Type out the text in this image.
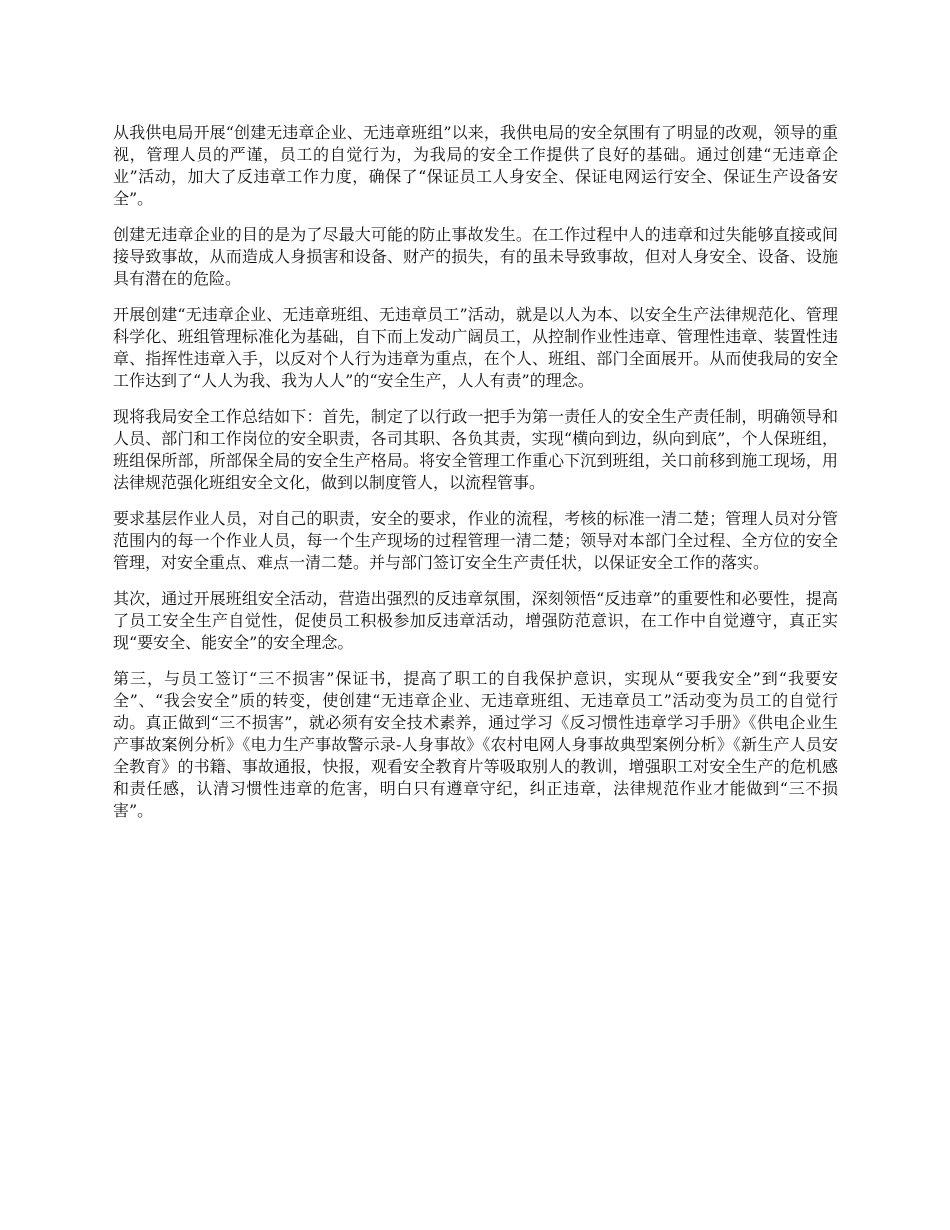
从我供电局开展“创建无违章企业、无违章班组”以来，我供电局的安全氛围有了明显的改观，领导的重视，管理人员的严谨，员工的自觉行为，为我局的安全工作提供了良好的基础。通过创建“无违章企业”活动，加大了反违章工作力度，确保了“保证员工人身安全、保证电网运行安全、保证生产设备安全”。

创建无违章企业的目的是为了尽最大可能的防止事故发生。在工作过程中人的违章和过失能够直接或间接导致事故，从而造成人身损害和设备、财产的损失，有的虽未导致事故，但对人身安全、设备、设施具有潜在的危险。

开展创建“无违章企业、无违章班组、无违章员工”活动，就是以人为本、以安全生产法律规范化、管理科学化、班组管理标准化为基础，自下而上发动广阔员工，从控制作业性违章、管理性违章、装置性违章、指挥性违章入手，以反对个人行为违章为重点，在个人、班组、部门全面展开。从而使我局的安全工作达到了“人人为我、我为人人”的“安全生产，人人有责”的理念。

现将我局安全工作总结如下：首先，制定了以行政一把手为第一责任人的安全生产责任制，明确领导和人员、部门和工作岗位的安全职责，各司其职、各负其责，实现“横向到边，纵向到底”，个人保班组，班组保所部，所部保全局的安全生产格局。将安全管理工作重心下沉到班组，关口前移到施工现场，用法律规范强化班组安全文化，做到以制度管人，以流程管事。

要求基层作业人员，对自己的职责，安全的要求，作业的流程，考核的标准一清二楚；管理人员对分管范围内的每一个作业人员，每一个生产现场的过程管理一清二楚；领导对本部门全过程、全方位的安全管理，对安全重点、难点一清二楚。并与部门签订安全生产责任状，以保证安全工作的落实。

其次，通过开展班组安全活动，营造出强烈的反违章氛围，深刻领悟“反违章”的重要性和必要性，提高了员工安全生产自觉性，促使员工积极参加反违章活动，增强防范意识，在工作中自觉遵守，真正实现“要安全、能安全”的安全理念。

第三，与员工签订“三不损害”保证书，提高了职工的自我保护意识，实现从“要我安全”到“我要安全”、“我会安全”质的转变，使创建“无违章企业、无违章班组、无违章员工”活动变为员工的自觉行动。真正做到“三不损害”，就必须有安全技术素养，通过学习《反习惯性违章学习手册》《供电企业生产事故案例分析》《电力生产事故警示录-人身事故》《农村电网人身事故典型案例分析》《新生产人员安全教育》的书籍、事故通报，快报，观看安全教育片等吸取别人的教训，增强职工对安全生产的危机感和责任感，认清习惯性违章的危害，明白只有遵章守纪，纠正违章，法律规范作业才能做到“三不损害”。
